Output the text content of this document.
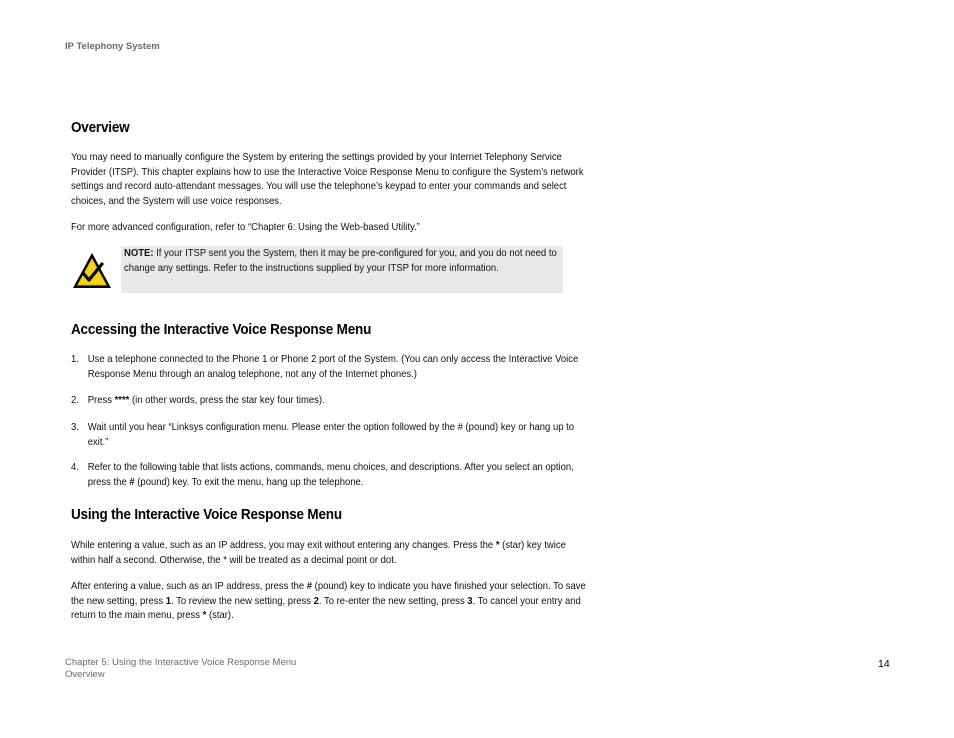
IP Telephony System
Overview
You may need to manually configure the System by entering the settings provided by your Internet Telephony Service Provider (ITSP). This chapter explains how to use the Interactive Voice Response Menu to configure the System’s network settings and record auto-attendant messages. You will use the telephone’s keypad to enter your commands and select choices, and the System will use voice responses.
For more advanced configuration, refer to “Chapter 6: Using the Web-based Utility.”
NOTE: If your ITSP sent you the System, then it may be pre-configured for you, and you do not need to change any settings. Refer to the instructions supplied by your ITSP for more information.
Accessing the Interactive Voice Response Menu
1. Use a telephone connected to the Phone 1 or Phone 2 port of the System. (You can only access the Interactive Voice Response Menu through an analog telephone, not any of the Internet phones.)
2. Press **** (in other words, press the star key four times).
3. Wait until you hear “Linksys configuration menu. Please enter the option followed by the # (pound) key or hang up to exit.”
4. Refer to the following table that lists actions, commands, menu choices, and descriptions. After you select an option, press the # (pound) key. To exit the menu, hang up the telephone.
Using the Interactive Voice Response Menu
While entering a value, such as an IP address, you may exit without entering any changes. Press the * (star) key twice within half a second. Otherwise, the * will be treated as a decimal point or dot.
After entering a value, such as an IP address, press the # (pound) key to indicate you have finished your selection. To save the new setting, press 1. To review the new setting, press 2. To re-enter the new setting, press 3. To cancel your entry and return to the main menu, press * (star).
Chapter 5: Using the Interactive Voice Response Menu
Overview
14
